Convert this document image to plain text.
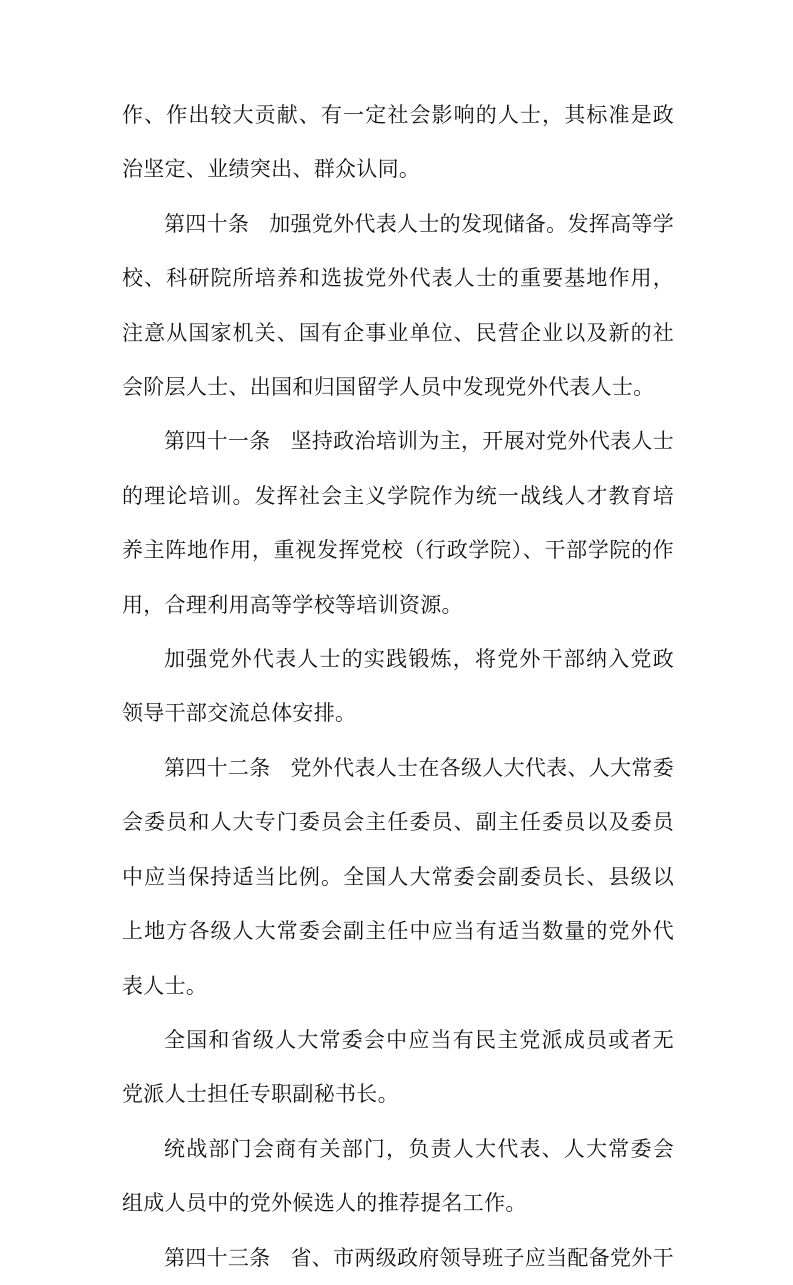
作、作出较大贡献、有一定社会影响的人士，其标准是政治坚定、业绩突出、群众认同。

第四十条 加强党外代表人士的发现储备。发挥高等学校、科研院所培养和选拔党外代表人士的重要基地作用，注意从国家机关、国有企事业单位、民营企业以及新的社会阶层人士、出国和归国留学人员中发现党外代表人士。

第四十一条 坚持政治培训为主，开展对党外代表人士的理论培训。发挥社会主义学院作为统一战线人才教育培养主阵地作用，重视发挥党校（行政学院）、干部学院的作用，合理利用高等学校等培训资源。

加强党外代表人士的实践锻炼，将党外干部纳入党政领导干部交流总体安排。

第四十二条 党外代表人士在各级人大代表、人大常委会委员和人大专门委员会主任委员、副主任委员以及委员中应当保持适当比例。全国人大常委会副委员长、县级以上地方各级人大常委会副主任中应当有适当数量的党外代表人士。

全国和省级人大常委会中应当有民主党派成员或者无党派人士担任专职副秘书长。

统战部门会商有关部门，负责人大代表、人大常委会组成人员中的党外候选人的推荐提名工作。

第四十三条 省、市两级政府领导班子应当配备党外干
